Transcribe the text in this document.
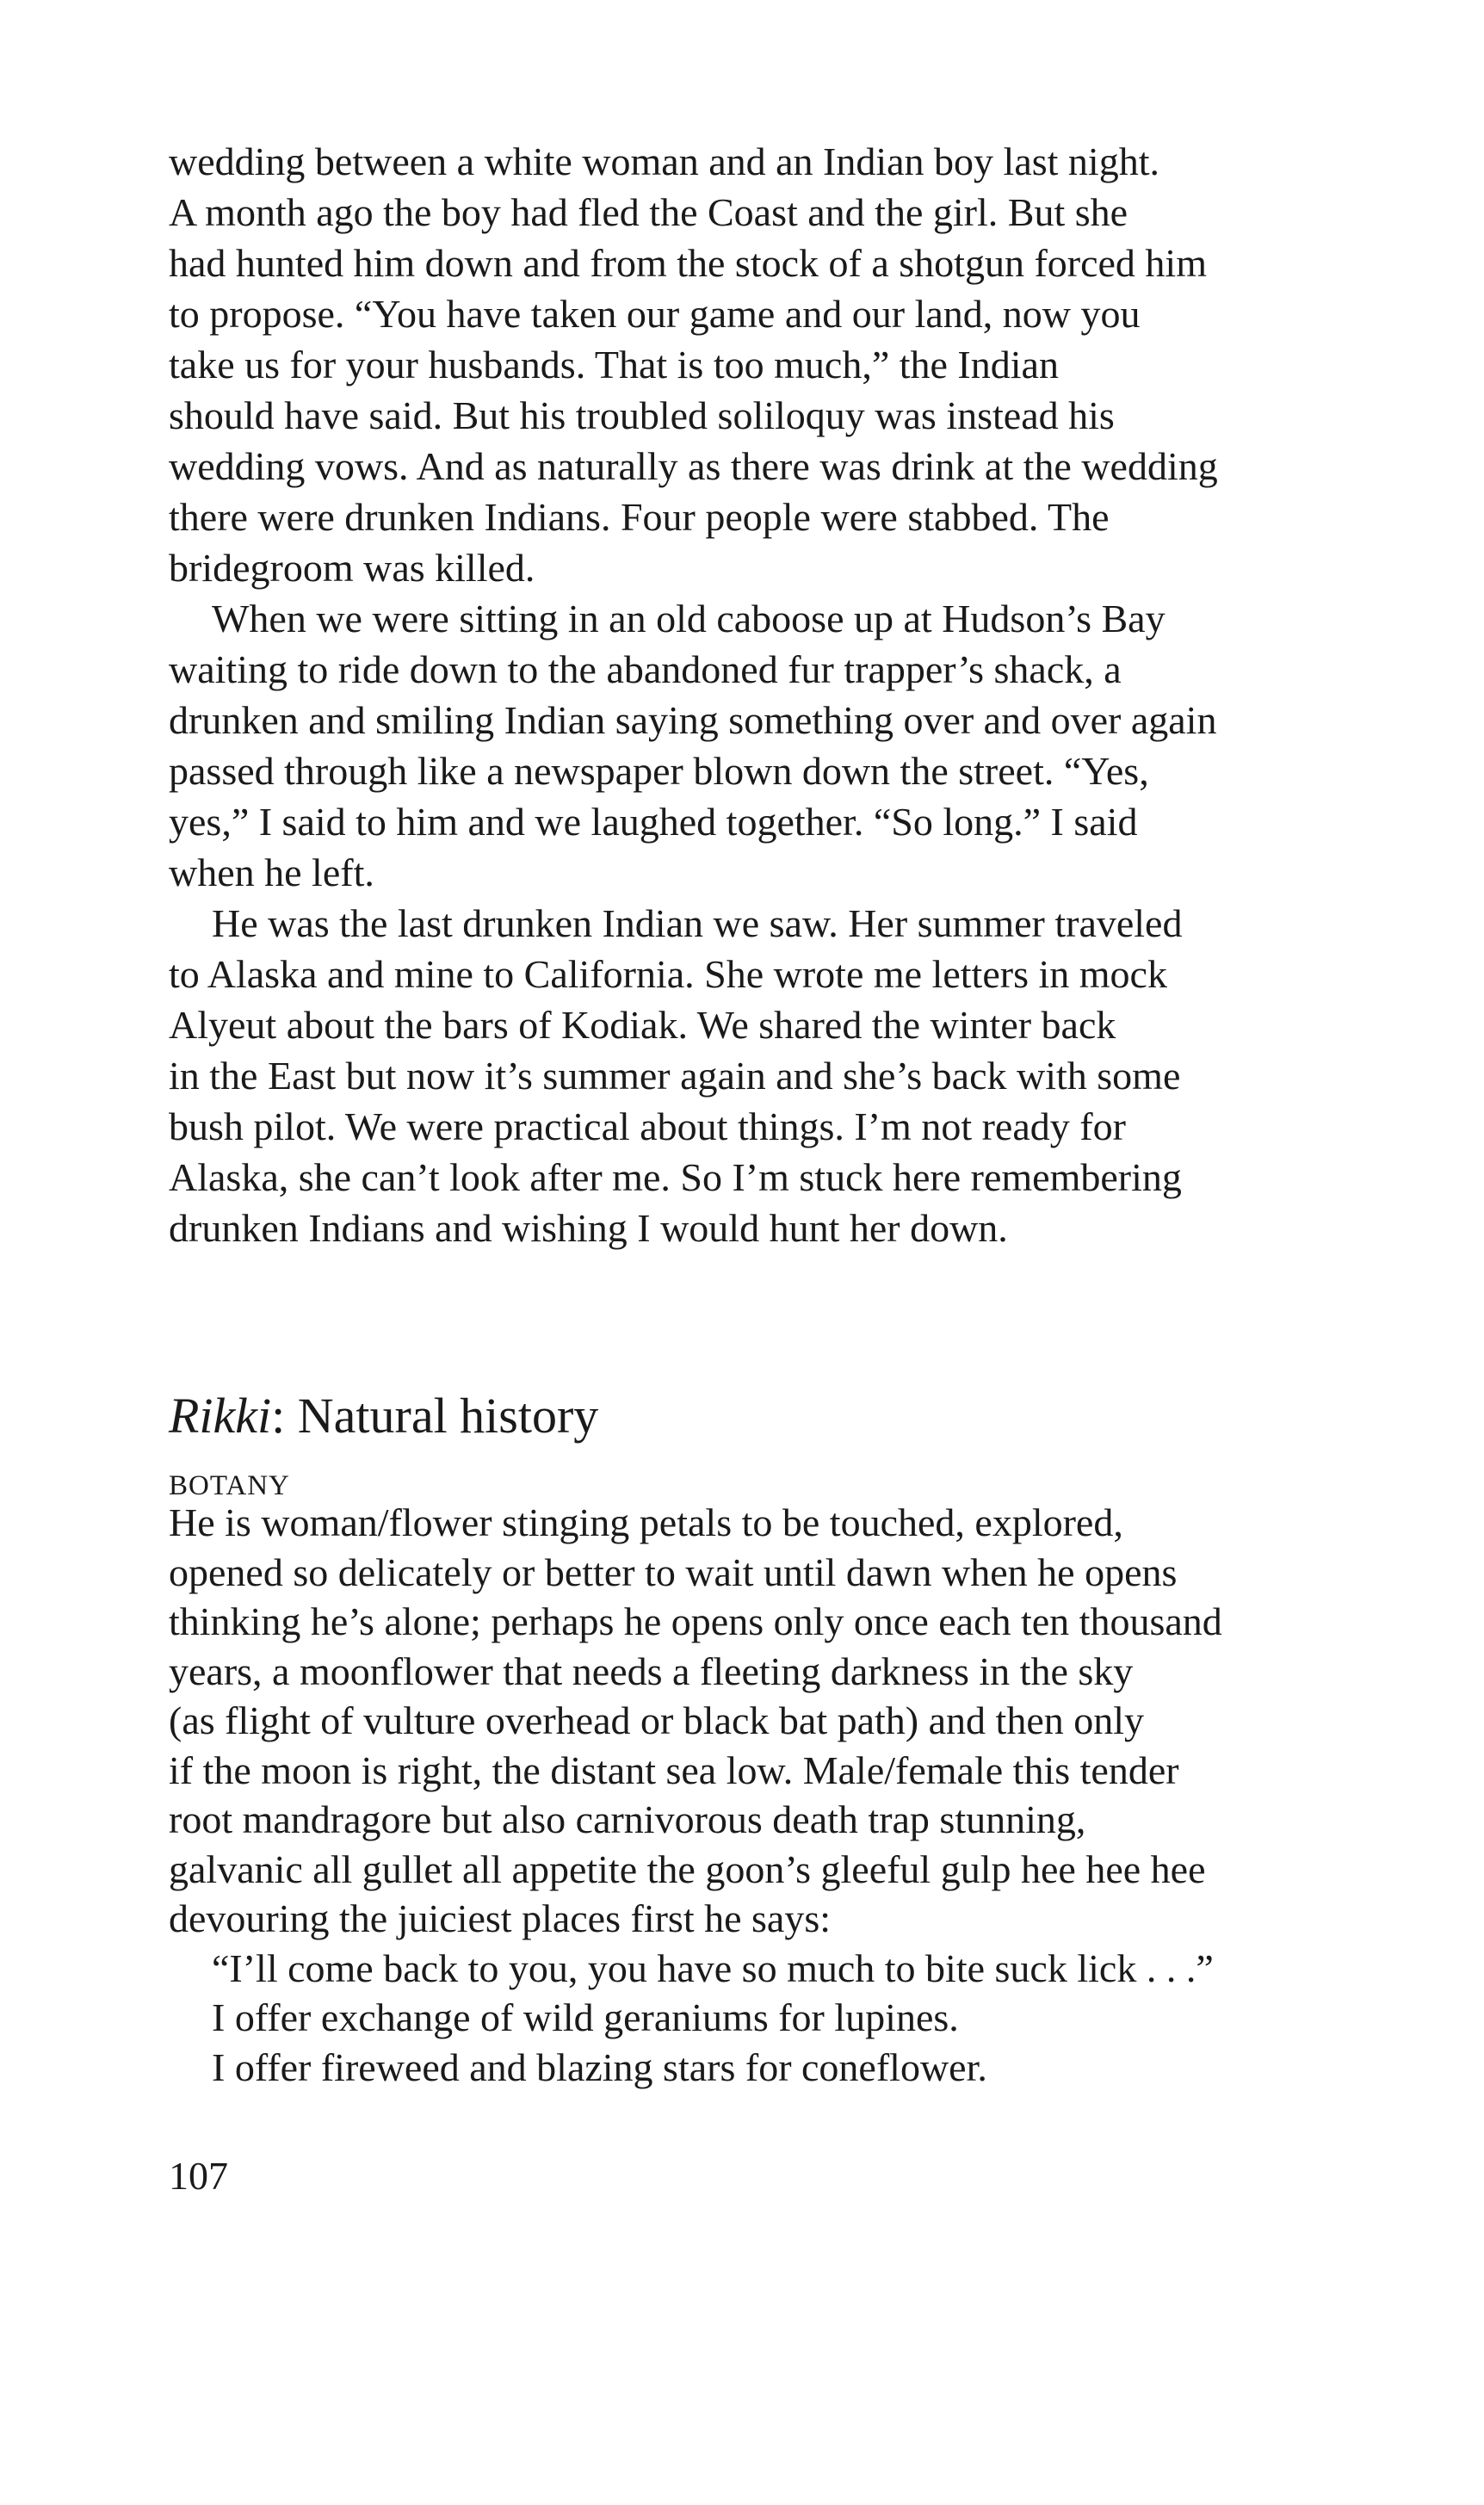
wedding between a white woman and an Indian boy last night.
A month ago the boy had fled the Coast and the girl. But she
had hunted him down and from the stock of a shotgun forced him
to propose. “You have taken our game and our land, now you
take us for your husbands. That is too much,” the Indian
should have said. But his troubled soliloquy was instead his
wedding vows. And as naturally as there was drink at the wedding
there were drunken Indians. Four people were stabbed. The
bridegroom was killed.
When we were sitting in an old caboose up at Hudson’s Bay
waiting to ride down to the abandoned fur trapper’s shack, a
drunken and smiling Indian saying something over and over again
passed through like a newspaper blown down the street. “Yes,
yes,” I said to him and we laughed together. “So long.” I said
when he left.
He was the last drunken Indian we saw. Her summer traveled
to Alaska and mine to California. She wrote me letters in mock
Alyeut about the bars of Kodiak. We shared the winter back
in the East but now it’s summer again and she’s back with some
bush pilot. We were practical about things. I’m not ready for
Alaska, she can’t look after me. So I’m stuck here remembering
drunken Indians and wishing I would hunt her down.
Rikki: Natural history
BOTANY
He is woman/flower stinging petals to be touched, explored,
opened so delicately or better to wait until dawn when he opens
thinking he’s alone; perhaps he opens only once each ten thousand
years, a moonflower that needs a fleeting darkness in the sky
(as flight of vulture overhead or black bat path) and then only
if the moon is right, the distant sea low. Male/female this tender
root mandragore but also carnivorous death trap stunning,
galvanic all gullet all appetite the goon’s gleeful gulp hee hee hee
devouring the juiciest places first he says:
“I’ll come back to you, you have so much to bite suck lick . . .”
I offer exchange of wild geraniums for lupines.
I offer fireweed and blazing stars for coneflower.
107
